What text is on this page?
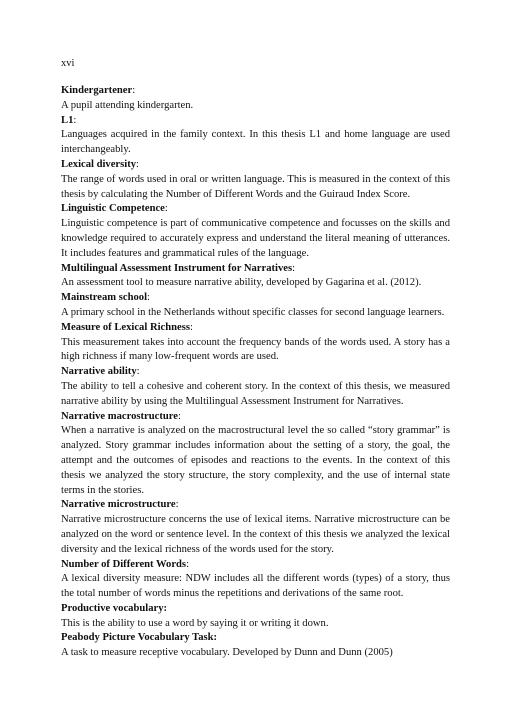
xvi

Kindergartener:

A pupil attending kindergarten.

L1:

Languages acquired in the family context. In this thesis L1 and home language are used interchangeably.

Lexical diversity:

The range of words used in oral or written language. This is measured in the context of this thesis by calculating the Number of Different Words and the Guiraud Index Score.

Linguistic Competence:

Linguistic competence is part of communicative competence and focusses on the skills and knowledge required to accurately express and understand the literal meaning of utterances. It includes features and grammatical rules of the language.

Multilingual Assessment Instrument for Narratives:

An assessment tool to measure narrative ability, developed by Gagarina et al. (2012).

Mainstream school:

A primary school in the Netherlands without specific classes for second language learners.

Measure of Lexical Richness:

This measurement takes into account the frequency bands of the words used. A story has a high richness if many low-frequent words are used.

Narrative ability:

The ability to tell a cohesive and coherent story. In the context of this thesis, we measured narrative ability by using the Multilingual Assessment Instrument for Narratives.

Narrative macrostructure:

When a narrative is analyzed on the macrostructural level the so called “story grammar” is analyzed. Story grammar includes information about the setting of a story, the goal, the attempt and the outcomes of episodes and reactions to the events. In the context of this thesis we analyzed the story structure, the story complexity, and the use of internal state terms in the stories.

Narrative microstructure:

Narrative microstructure concerns the use of lexical items. Narrative microstructure can be analyzed on the word or sentence level. In the context of this thesis we analyzed the lexical diversity and the lexical richness of the words used for the story.

Number of Different Words:

A lexical diversity measure: NDW includes all the different words (types) of a story, thus the total number of words minus the repetitions and derivations of the same root.

Productive vocabulary:

This is the ability to use a word by saying it or writing it down.

Peabody Picture Vocabulary Task:

A task to measure receptive vocabulary. Developed by Dunn and Dunn (2005)
